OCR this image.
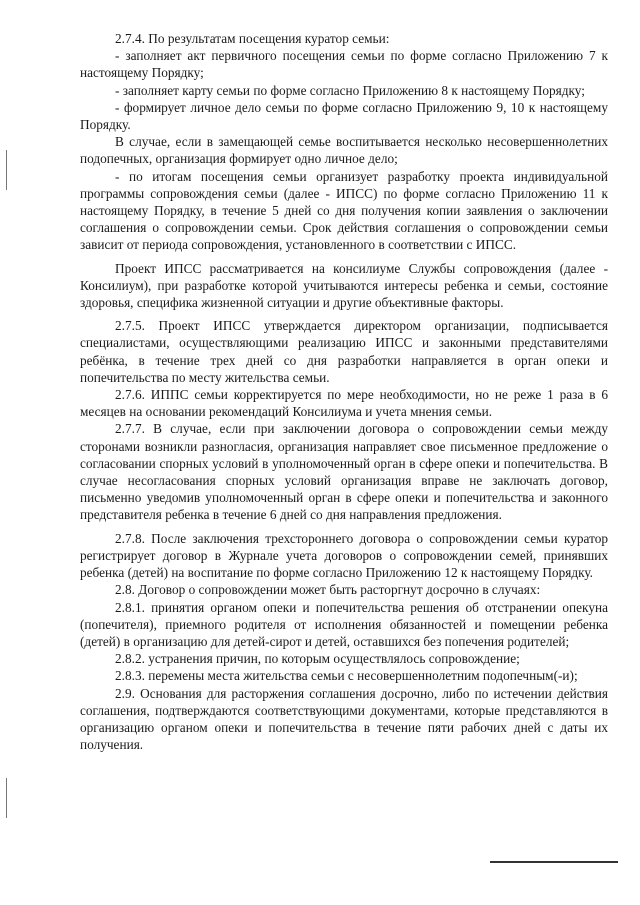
2.7.4. По результатам посещения куратор семьи:

- заполняет акт первичного посещения семьи по форме согласно Приложению 7 к настоящему Порядку;

- заполняет карту семьи по форме согласно Приложению 8 к настоящему Порядку;

- формирует личное дело семьи по форме согласно Приложению 9, 10 к настоящему Порядку.

В случае, если в замещающей семье воспитывается несколько несовершеннолетних подопечных, организация формирует одно личное дело;

- по итогам посещения семьи организует разработку проекта индивидуальной программы сопровождения семьи (далее - ИПСС) по форме согласно Приложению 11 к настоящему Порядку, в течение 5 дней со дня получения копии заявления о заключении соглашения о сопровождении семьи. Срок действия соглашения о сопровождении семьи зависит от периода сопровождения, установленного в соответствии с ИПСС.

Проект ИПСС рассматривается на консилиуме Службы сопровождения (далее - Консилиум), при разработке которой учитываются интересы ребенка и семьи, состояние здоровья, специфика жизненной ситуации и другие объективные факторы.

2.7.5. Проект ИПСС утверждается директором организации, подписывается специалистами, осуществляющими реализацию ИПСС и законными представителями ребёнка, в течение трех дней со дня разработки направляется в орган опеки и попечительства по месту жительства семьи.

2.7.6. ИППС семьи корректируется по мере необходимости, но не реже 1 раза в 6 месяцев на основании рекомендаций Консилиума и учета мнения семьи.

2.7.7. В случае, если при заключении договора о сопровождении семьи между сторонами возникли разногласия, организация направляет свое письменное предложение о согласовании спорных условий в уполномоченный орган в сфере опеки и попечительства. В случае несогласования спорных условий организация вправе не заключать договор, письменно уведомив уполномоченный орган в сфере опеки и попечительства и законного представителя ребенка в течение 6 дней со дня направления предложения.

2.7.8. После заключения трехстороннего договора о сопровождении семьи куратор регистрирует договор в Журнале учета договоров о сопровождении семей, принявших ребенка (детей) на воспитание по форме согласно Приложению 12 к настоящему Порядку.

2.8. Договор о сопровождении может быть расторгнут досрочно в случаях:

2.8.1. принятия органом опеки и попечительства решения об отстранении опекуна (попечителя), приемного родителя от исполнения обязанностей и помещении ребенка (детей) в организацию для детей-сирот и детей, оставшихся без попечения родителей;

2.8.2. устранения причин, по которым осуществлялось сопровождение;

2.8.3. перемены места жительства семьи с несовершеннолетним подопечным(-и);

2.9. Основания для расторжения соглашения досрочно, либо по истечении действия соглашения, подтверждаются соответствующими документами, которые представляются в организацию органом опеки и попечительства в течение пяти рабочих дней с даты их получения.
